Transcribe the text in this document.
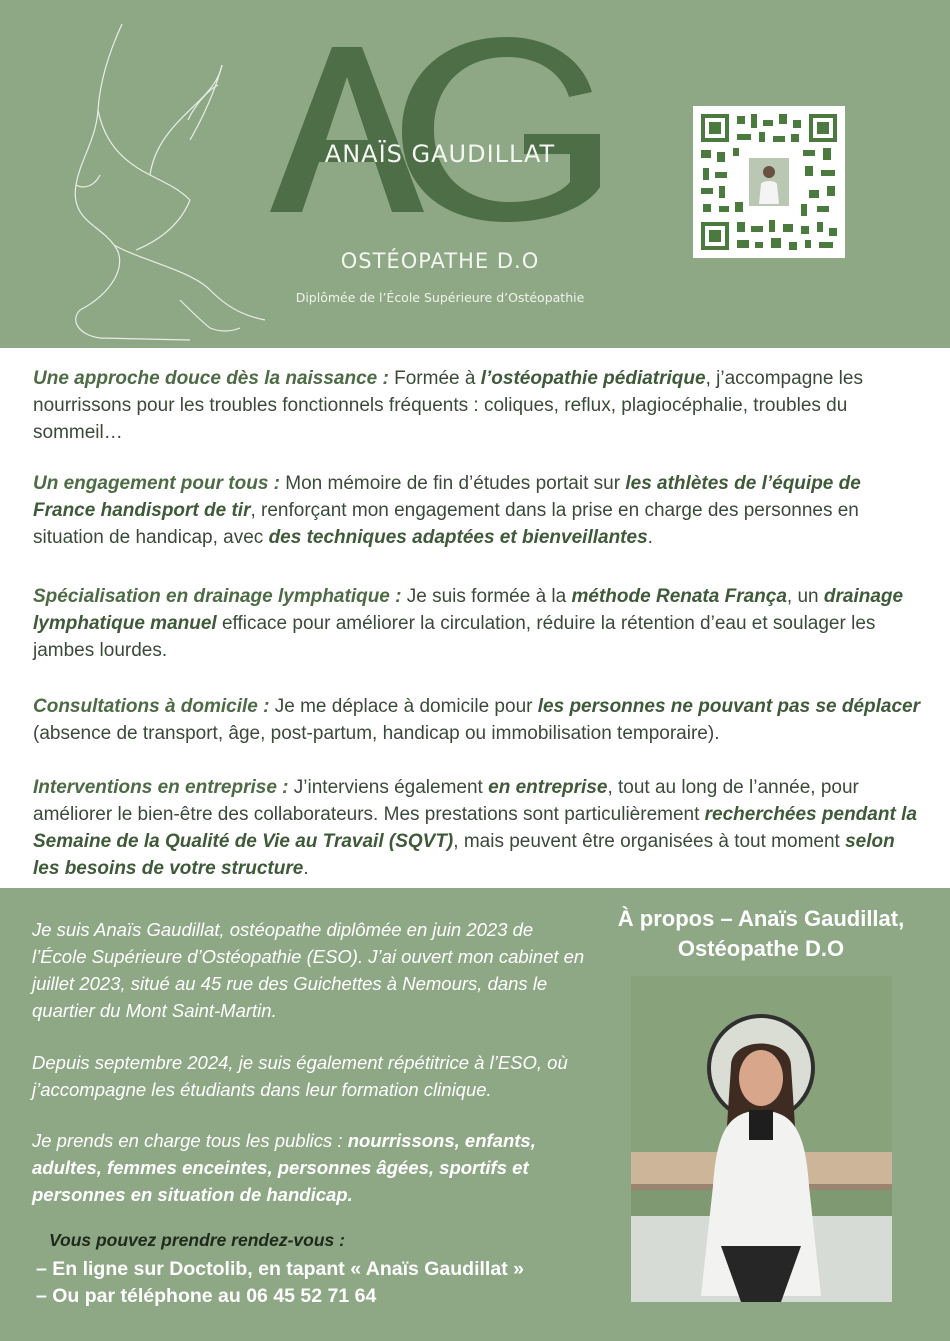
ANAÏS GAUDILLAT
OSTÉOPATHE D.O
Diplômée de l’École Supérieure d’Ostéopathie

Une approche douce dès la naissance : Formée à l’ostéopathie pédiatrique, j’accompagne les nourrissons pour les troubles fonctionnels fréquents : coliques, reflux, plagiocéphalie, troubles du sommeil…

Un engagement pour tous : Mon mémoire de fin d’études portait sur les athlètes de l’équipe de France handisport de tir, renforçant mon engagement dans la prise en charge des personnes en situation de handicap, avec des techniques adaptées et bienveillantes.

Spécialisation en drainage lymphatique : Je suis formée à la méthode Renata França, un drainage lymphatique manuel efficace pour améliorer la circulation, réduire la rétention d’eau et soulager les jambes lourdes.

Consultations à domicile : Je me déplace à domicile pour les personnes ne pouvant pas se déplacer (absence de transport, âge, post-partum, handicap ou immobilisation temporaire).

Interventions en entreprise : J’interviens également en entreprise, tout au long de l’année, pour améliorer le bien-être des collaborateurs. Mes prestations sont particulièrement recherchées pendant la Semaine de la Qualité de Vie au Travail (SQVT), mais peuvent être organisées à tout moment selon les besoins de votre structure.

Je suis Anaïs Gaudillat, ostéopathe diplômée en juin 2023 de l’École Supérieure d’Ostéopathie (ESO). J’ai ouvert mon cabinet en juillet 2023, situé au 45 rue des Guichettes à Nemours, dans le quartier du Mont Saint-Martin.

Depuis septembre 2024, je suis également répétitrice à l’ESO, où j’accompagne les étudiants dans leur formation clinique.

Je prends en charge tous les publics : nourrissons, enfants, adultes, femmes enceintes, personnes âgées, sportifs et personnes en situation de handicap.

Vous pouvez prendre rendez-vous :
– En ligne sur Doctolib, en tapant « Anaïs Gaudillat »
– Ou par téléphone au 06 45 52 71 64
À propos – Anaïs Gaudillat, Ostéopathe D.O
